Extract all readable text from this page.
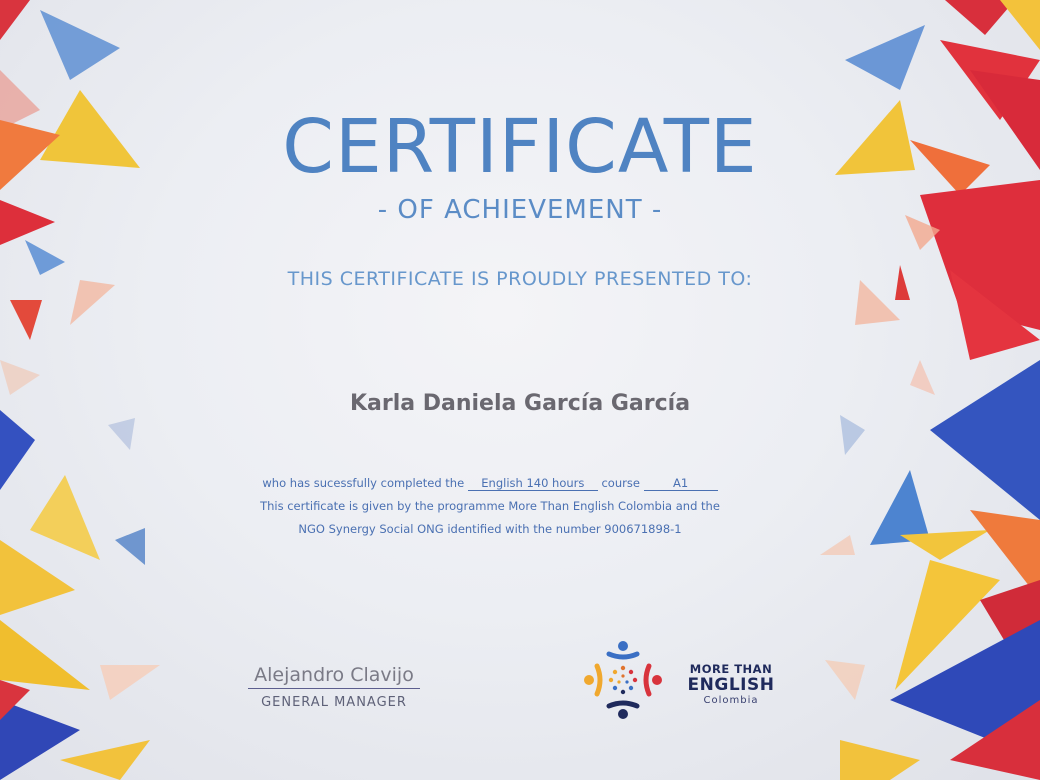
CERTIFICATE
- OF ACHIEVEMENT -
THIS CERTIFICATE IS PROUDLY PRESENTED TO:
Karla Daniela García García
who has sucessfully completed the English 140 hours course	A1
This certificate is given by the programme More Than English Colombia and the
NGO Synergy Social ONG identified with the number 900671898-1
Alejandro Clavijo
GENERAL MANAGER
MORE THAN
ENGLISH
Colombia
